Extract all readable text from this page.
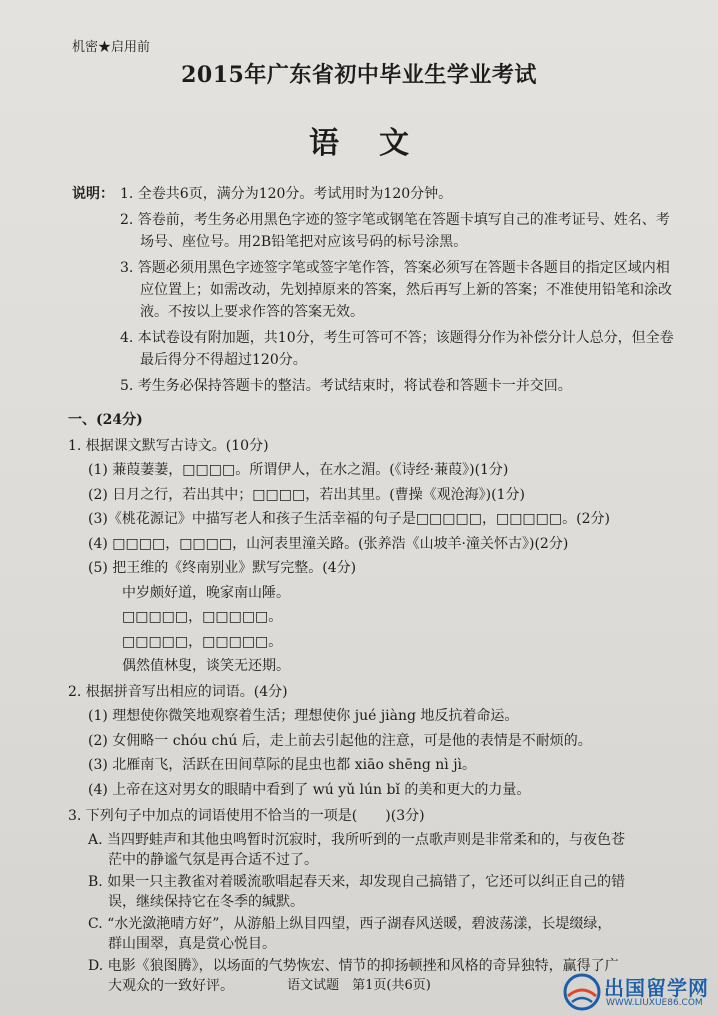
机密★启用前
2015年广东省初中毕业生学业考试
语文
说明： 1. 全卷共6页，满分为120分。考试用时为120分钟。
2. 答卷前，考生务必用黑色字迹的签字笔或钢笔在答题卡填写自己的准考证号、姓名、考场号、座位号。用2B铅笔把对应该号码的标号涂黑。
3. 答题必须用黑色字迹签字笔或签字笔作答，答案必须写在答题卡各题目的指定区域内相应位置上；如需改动，先划掉原来的答案，然后再写上新的答案；不准使用铅笔和涂改液。不按以上要求作答的答案无效。
4. 本试卷设有附加题，共10分，考生可答可不答；该题得分作为补偿分计人总分，但全卷最后得分不得超过120分。
5. 考生务必保持答题卡的整洁。考试结束时，将试卷和答题卡一并交回。
一、(24分)
1. 根据课文默写古诗文。(10分)
(1) 蒹葭萋萋，□□□□。所谓伊人，在水之湄。(《诗经·蒹葭》)(1分)
(2) 日月之行，若出其中；□□□□，若出其里。(曹操《观沧海》)(1分)
(3)《桃花源记》中描写老人和孩子生活幸福的句子是□□□□□，□□□□□。(2分)
(4) □□□□，□□□□，山河表里潼关路。(张养浩《山坡羊·潼关怀古》)(2分)
(5) 把王维的《终南别业》默写完整。(4分)
中岁颇好道，晚家南山陲。
□□□□□，□□□□□。
□□□□□，□□□□□。
偶然值林叟，谈笑无还期。
2. 根据拼音写出相应的词语。(4分)
(1) 理想使你微笑地观察着生活；理想使你 jué jiàng 地反抗着命运。
(2) 女佣略一 chóu chú 后，走上前去引起他的注意，可是他的表情是不耐烦的。
(3) 北雁南飞，活跃在田间草际的昆虫也都 xiāo shēng nì jì。
(4) 上帝在这对男女的眼睛中看到了 wú yǔ lún bǐ 的美和更大的力量。
3. 下列句子中加点的词语使用不恰当的一项是(　　)(3分)
A. 当四野蛙声和其他虫鸣暂时沉寂时，我所听到的一点歌声则是非常柔和的，与夜色苍
茫中的静谧气氛是再合适不过了。
B. 如果一只主教雀对着暖流歌唱起春天来，却发现自己搞错了，它还可以纠正自己的错
误，继续保持它在冬季的缄默。
C. “水光潋滟晴方好”，从游船上纵目四望，西子湖春风送暖，碧波荡漾，长堤缀绿，
群山围翠，真是赏心悦目。
D. 电影《狼图腾》，以场面的气势恢宏、情节的抑扬顿挫和风格的奇异独特，赢得了广
大观众的一致好评。	语文试题　第1页(共6页)	出国留学网
WWW.LIUXUE86.COM
